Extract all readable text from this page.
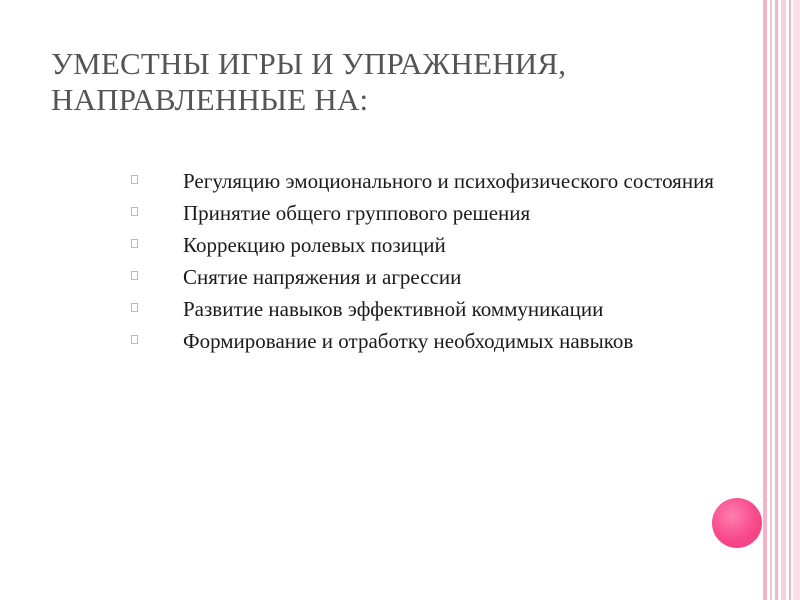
УМЕСТНЫ ИГРЫ И УПРАЖНЕНИЯ,
НАПРАВЛЕННЫЕ НА:
Регуляцию эмоционального и психофизического состояния
Принятие общего группового решения
Коррекцию ролевых позиций
Снятие напряжения и агрессии
Развитие навыков эффективной коммуникации
Формирование и отработку необходимых навыков
